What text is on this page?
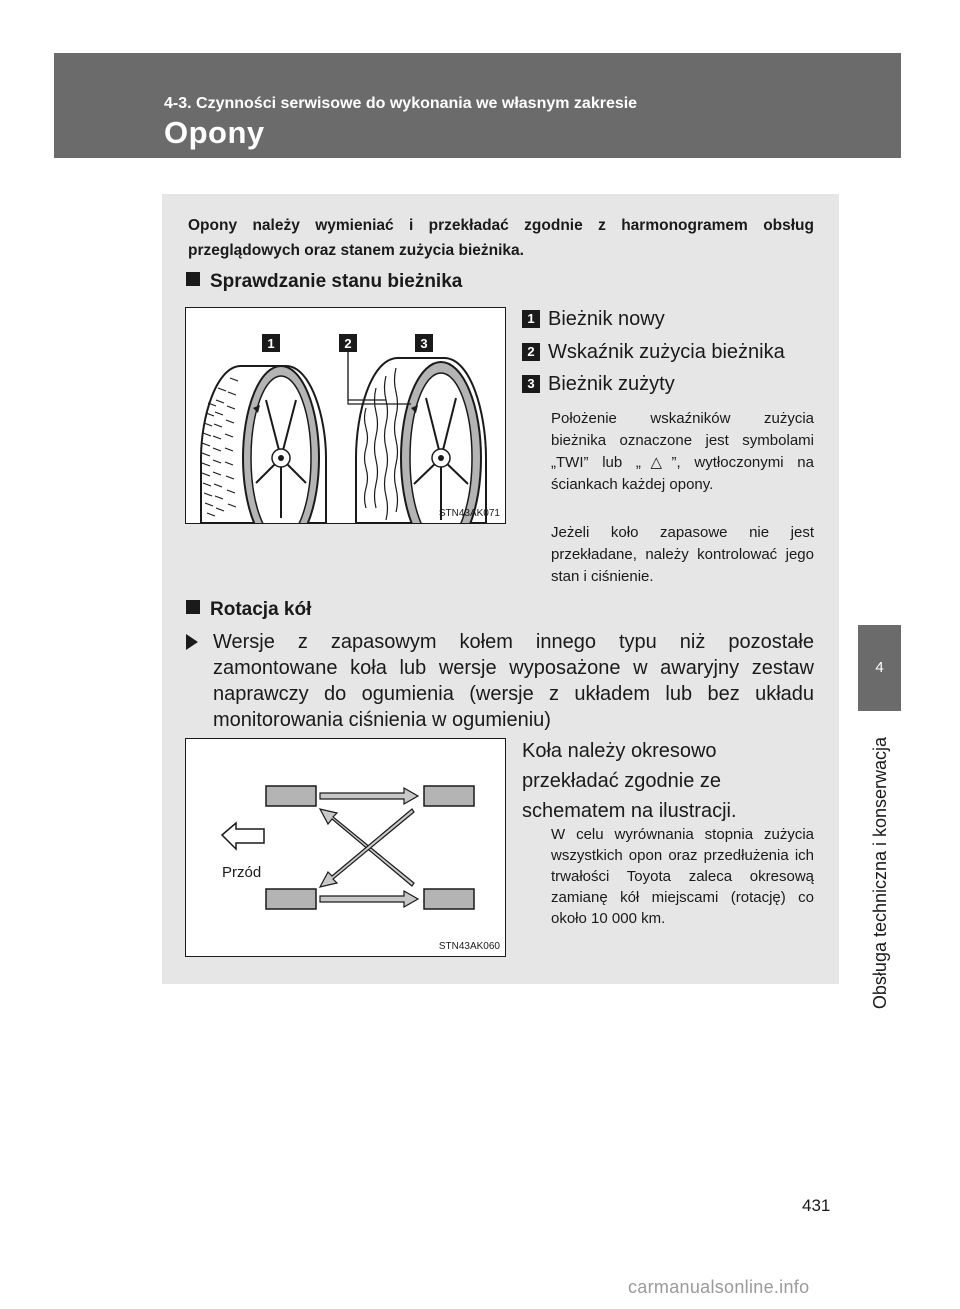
4-3. Czynności serwisowe do wykonania we własnym zakresie
Opony
4
Obsługa techniczna i konserwacja
Opony należy wymieniać i przekładać zgodnie z harmonogramem obsług przeglądowych oraz stanem zużycia bieżnika.
Sprawdzanie stanu bieżnika
1	2	3
STN43AK071
1 Bieżnik nowy
2 Wskaźnik zużycia bieżnika
3 Bieżnik zużyty
Położenie wskaźników zużycia bieżnika oznaczone jest symbolami „TWI” lub „△”, wytłoczonymi na ściankach każdej opony.
Jeżeli koło zapasowe nie jest przekładane, należy kontrolować jego stan i ciśnienie.
Rotacja kół
Wersje z zapasowym kołem innego typu niż pozostałe zamontowane koła lub wersje wyposażone w awaryjny zestaw naprawczy do ogumienia (wersje z układem lub bez układu monitorowania ciśnienia w ogumieniu)
Przód
STN43AK060
Koła należy okresowo przekładać zgodnie ze schematem na ilustracji.
W celu wyrównania stopnia zużycia wszystkich opon oraz przedłużenia ich trwałości Toyota zaleca okresową zamianę kół miejscami (rotację) co około 10 000 km.
431
carmanualsonline.info
